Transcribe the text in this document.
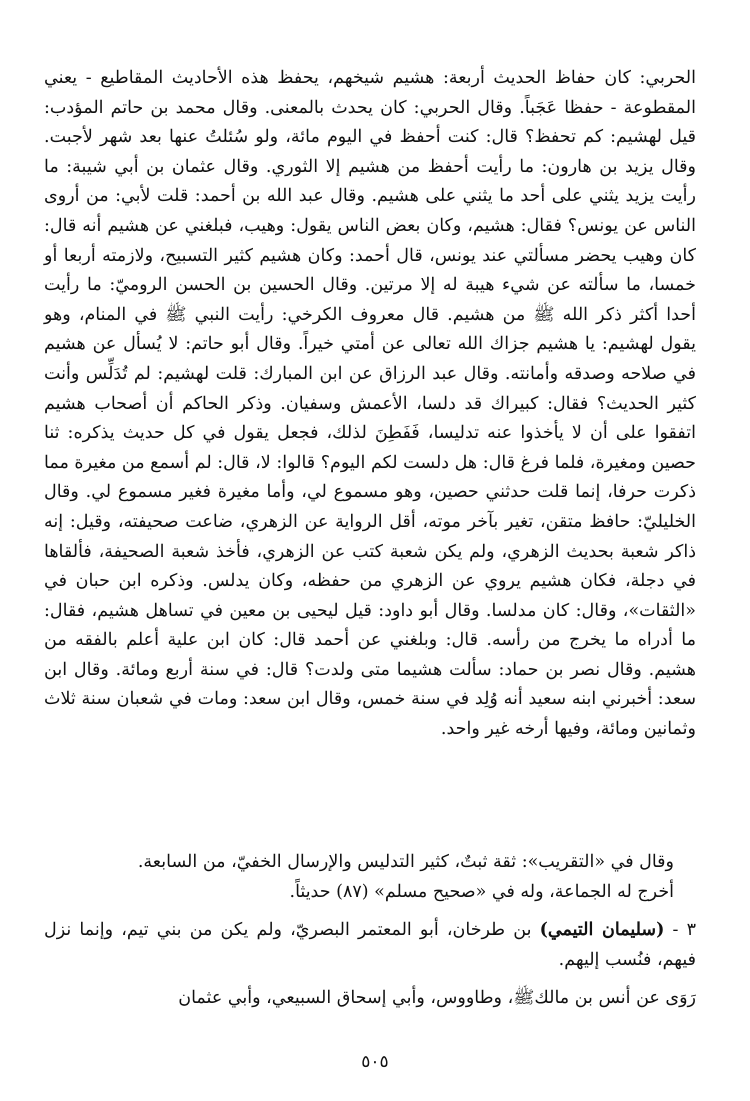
الحربي: كان حفاظ الحديث أربعة: هشيم شيخهم، يحفظ هذه الأحاديث المقاطيع - يعني المقطوعة - حفظا عَجَباً. وقال الحربي: كان يحدث بالمعنى. وقال محمد بن حاتم المؤدب: قيل لهشيم: كم تحفظ؟ قال: كنت أحفظ في اليوم مائة، ولو سُئلتُ عنها بعد شهر لأجبت. وقال يزيد بن هارون: ما رأيت أحفظ من هشيم إلا الثوري. وقال عثمان بن أبي شيبة: ما رأيت يزيد يثني على أحد ما يثني على هشيم. وقال عبد الله بن أحمد: قلت لأبي: من أروى الناس عن يونس؟ فقال: هشيم، وكان بعض الناس يقول: وهيب، فبلغني عن هشيم أنه قال: كان وهيب يحضر مسألتي عند يونس، قال أحمد: وكان هشيم كثير التسبيح، ولازمته أربعا أو خمسا، ما سألته عن شيء هيبة له إلا مرتين. وقال الحسين بن الحسن الروميّ: ما رأيت أحدا أكثر ذكر الله ﷺ من هشيم. قال معروف الكرخي: رأيت النبي ﷺ في المنام، وهو يقول لهشيم: يا هشيم جزاك الله تعالى عن أمتي خيراً. وقال أبو حاتم: لا يُسأل عن هشيم في صلاحه وصدقه وأمانته. وقال عبد الرزاق عن ابن المبارك: قلت لهشيم: لم تُدَلِّس وأنت كثير الحديث؟ فقال: كبيراك قد دلسا، الأعمش وسفيان. وذكر الحاكم أن أصحاب هشيم اتفقوا على أن لا يأخذوا عنه تدليسا، فَفَطِنَ لذلك، فجعل يقول في كل حديث يذكره: ثنا حصين ومغيرة، فلما فرغ قال: هل دلست لكم اليوم؟ قالوا: لا، قال: لم أسمع من مغيرة مما ذكرت حرفا، إنما قلت حدثني حصين، وهو مسموع لي، وأما مغيرة فغير مسموع لي. وقال الخليليّ: حافظ متقن، تغير بآخر موته، أقل الرواية عن الزهري، ضاعت صحيفته، وقيل: إنه ذاكر شعبة بحديث الزهري، ولم يكن شعبة كتب عن الزهري، فأخذ شعبة الصحيفة، فألقاها في دجلة، فكان هشيم يروي عن الزهري من حفظه، وكان يدلس. وذكره ابن حبان في «الثقات»، وقال: كان مدلسا. وقال أبو داود: قيل ليحيى بن معين في تساهل هشيم، فقال: ما أدراه ما يخرج من رأسه. قال: وبلغني عن أحمد قال: كان ابن علية أعلم بالفقه من هشيم. وقال نصر بن حماد: سألت هشيما متى ولدت؟ قال: في سنة أربع ومائة. وقال ابن سعد: أخبرني ابنه سعيد أنه وُلِد في سنة خمس، وقال ابن سعد: ومات في شعبان سنة ثلاث وثمانين ومائة، وفيها أرخه غير واحد.

وقال في «التقريب»: ثقة ثبتٌ، كثير التدليس والإرسال الخفيّ، من السابعة.

أخرج له الجماعة، وله في «صحيح مسلم» (٨٧) حديثاً.

٣ - (سليمان التيمي) بن طرخان، أبو المعتمر البصريّ، ولم يكن من بني تيم، وإنما نزل فيهم، فنُسب إليهم.

رَوَى عن أنس بن مالكﷺ، وطاووس، وأبي إسحاق السبيعي، وأبي عثمان

٥٠٥
